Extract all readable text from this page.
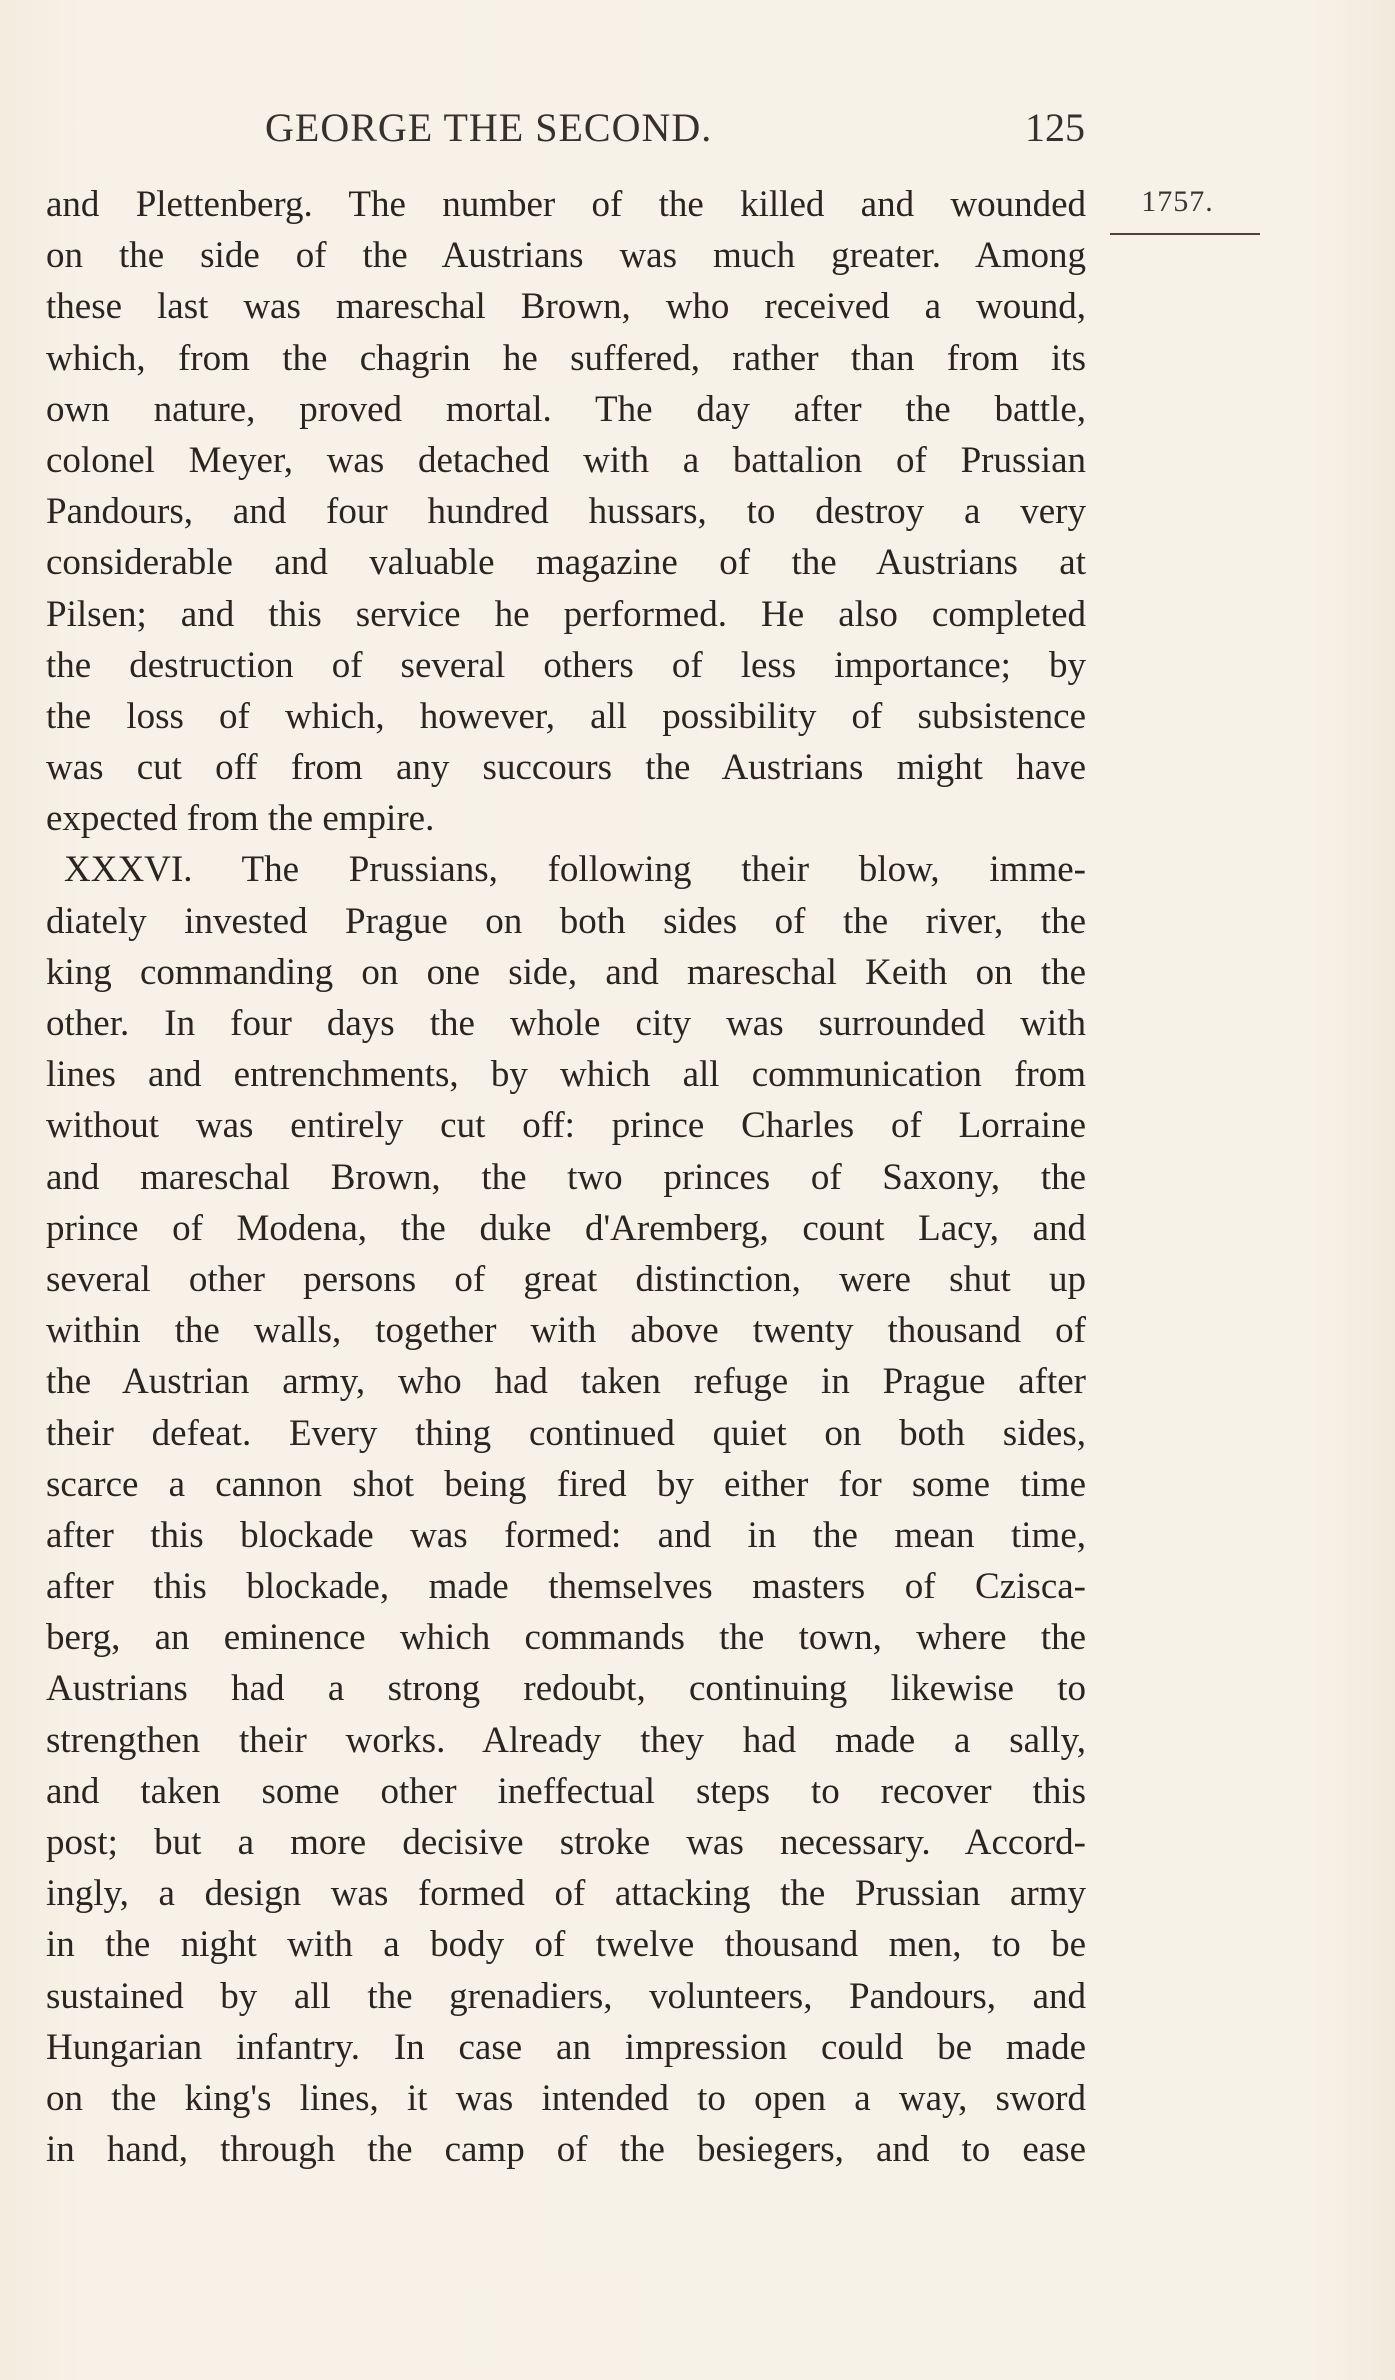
GEORGE THE SECOND.	125
1757.
and Plettenberg. The number of the killed and wounded
on the side of the Austrians was much greater. Among
these last was mareschal Brown, who received a wound,
which, from the chagrin he suffered, rather than from its
own nature, proved mortal. The day after the battle,
colonel Meyer, was detached with a battalion of Prussian
Pandours, and four hundred hussars, to destroy a very
considerable and valuable magazine of the Austrians at
Pilsen; and this service he performed. He also completed
the destruction of several others of less importance; by
the loss of which, however, all possibility of subsistence
was cut off from any succours the Austrians might have
expected from the empire.
XXXVI. The Prussians, following their blow, imme-
diately invested Prague on both sides of the river, the
king commanding on one side, and mareschal Keith on the
other. In four days the whole city was surrounded with
lines and entrenchments, by which all communication from
without was entirely cut off: prince Charles of Lorraine
and mareschal Brown, the two princes of Saxony, the
prince of Modena, the duke d'Aremberg, count Lacy, and
several other persons of great distinction, were shut up
within the walls, together with above twenty thousand of
the Austrian army, who had taken refuge in Prague after
their defeat. Every thing continued quiet on both sides,
scarce a cannon shot being fired by either for some time
after this blockade was formed: and in the mean time,
after this blockade, made themselves masters of Czisca-
berg, an eminence which commands the town, where the
Austrians had a strong redoubt, continuing likewise to
strengthen their works. Already they had made a sally,
and taken some other ineffectual steps to recover this
post; but a more decisive stroke was necessary. Accord-
ingly, a design was formed of attacking the Prussian army
in the night with a body of twelve thousand men, to be
sustained by all the grenadiers, volunteers, Pandours, and
Hungarian infantry. In case an impression could be made
on the king's lines, it was intended to open a way, sword
in hand, through the camp of the besiegers, and to ease
